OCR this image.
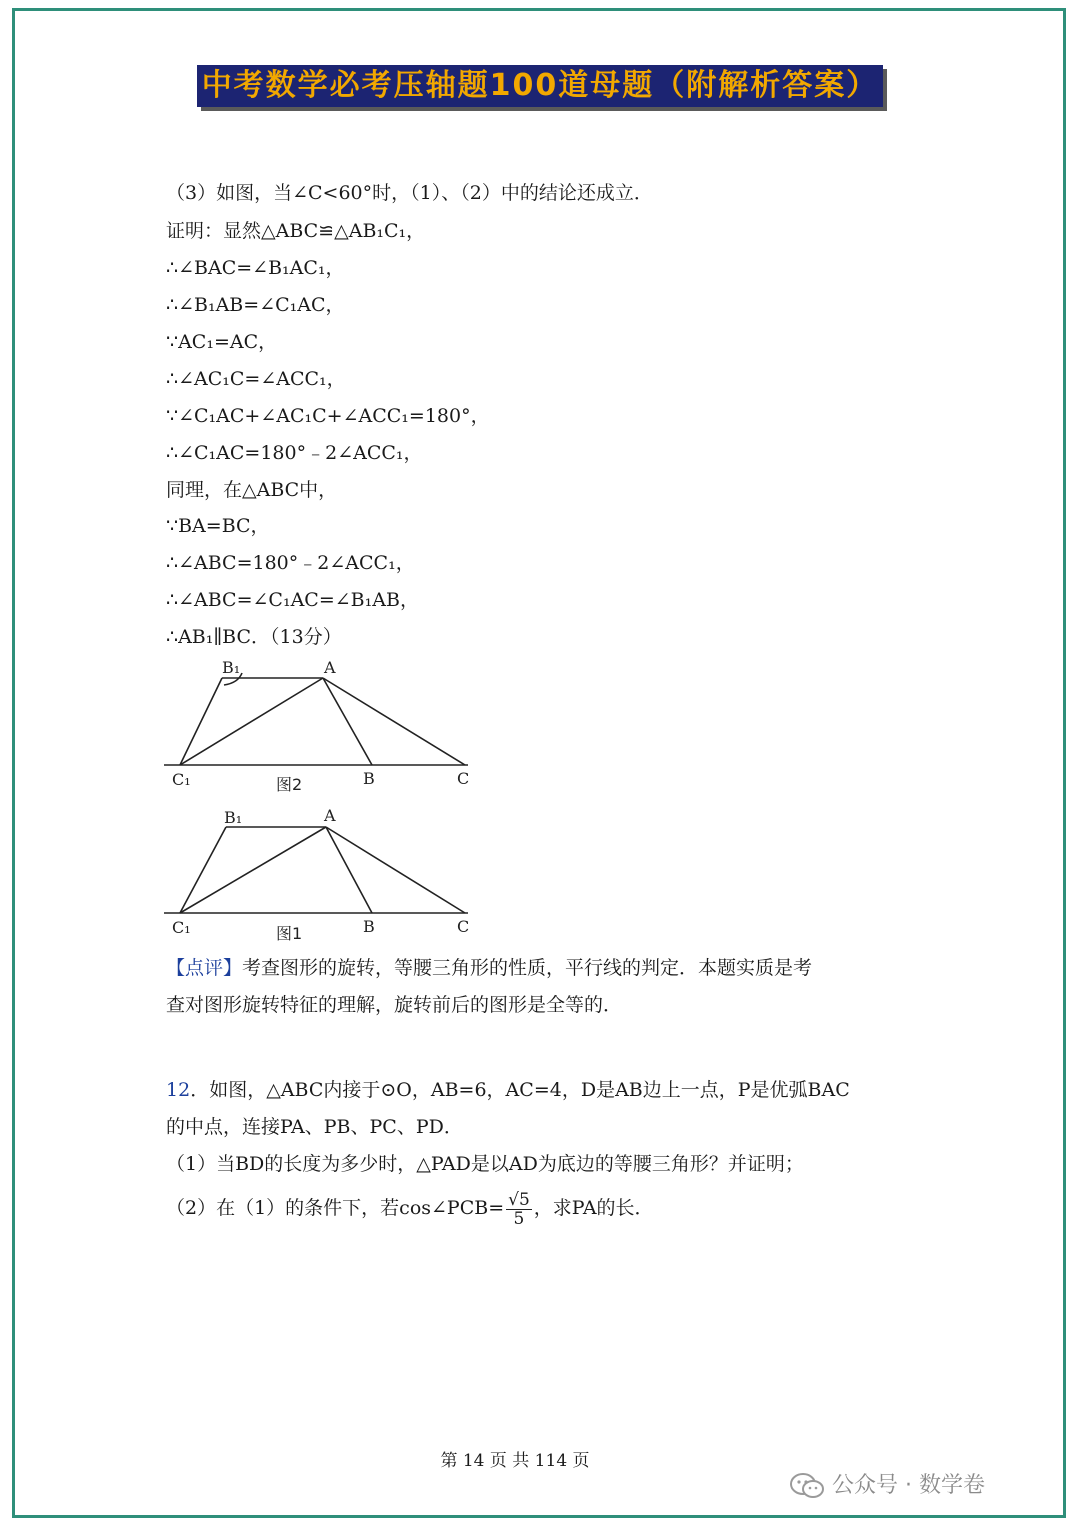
中考数学必考压轴题100道母题（附解析答案）
（3）如图，当∠C<60°时，（1）、（2）中的结论还成立．
证明：显然△ABC≌△AB₁C₁，
∴∠BAC=∠B₁AC₁，
∴∠B₁AB=∠C₁AC，
∵AC₁=AC，
∴∠AC₁C=∠ACC₁，
∵∠C₁AC+∠AC₁C+∠ACC₁=180°，
∴∠C₁AC=180°﹣2∠ACC₁，
同理，在△ABC中，
∵BA=BC，
∴∠ABC=180°﹣2∠ACC₁，
∴∠ABC=∠C₁AC=∠B₁AB，
∴AB₁∥BC．（13分）
B₁	A
C₁	图2	B	C
B₁	A
C₁	图1	B	C
【点评】考查图形的旋转，等腰三角形的性质，平行线的判定．本题实质是考
查对图形旋转特征的理解，旋转前后的图形是全等的．
12．如图，△ABC内接于⊙O，AB=6，AC=4，D是AB边上一点，P是优弧BAC
的中点，连接PA、PB、PC、PD．
（1）当BD的长度为多少时，△PAD是以AD为底边的等腰三角形？并证明；
（2）在（1）的条件下，若cos∠PCB= $\frac{√5}{5}$ ，求PA的长．
第 14 页 共 114 页
公众号 · 数学卷
